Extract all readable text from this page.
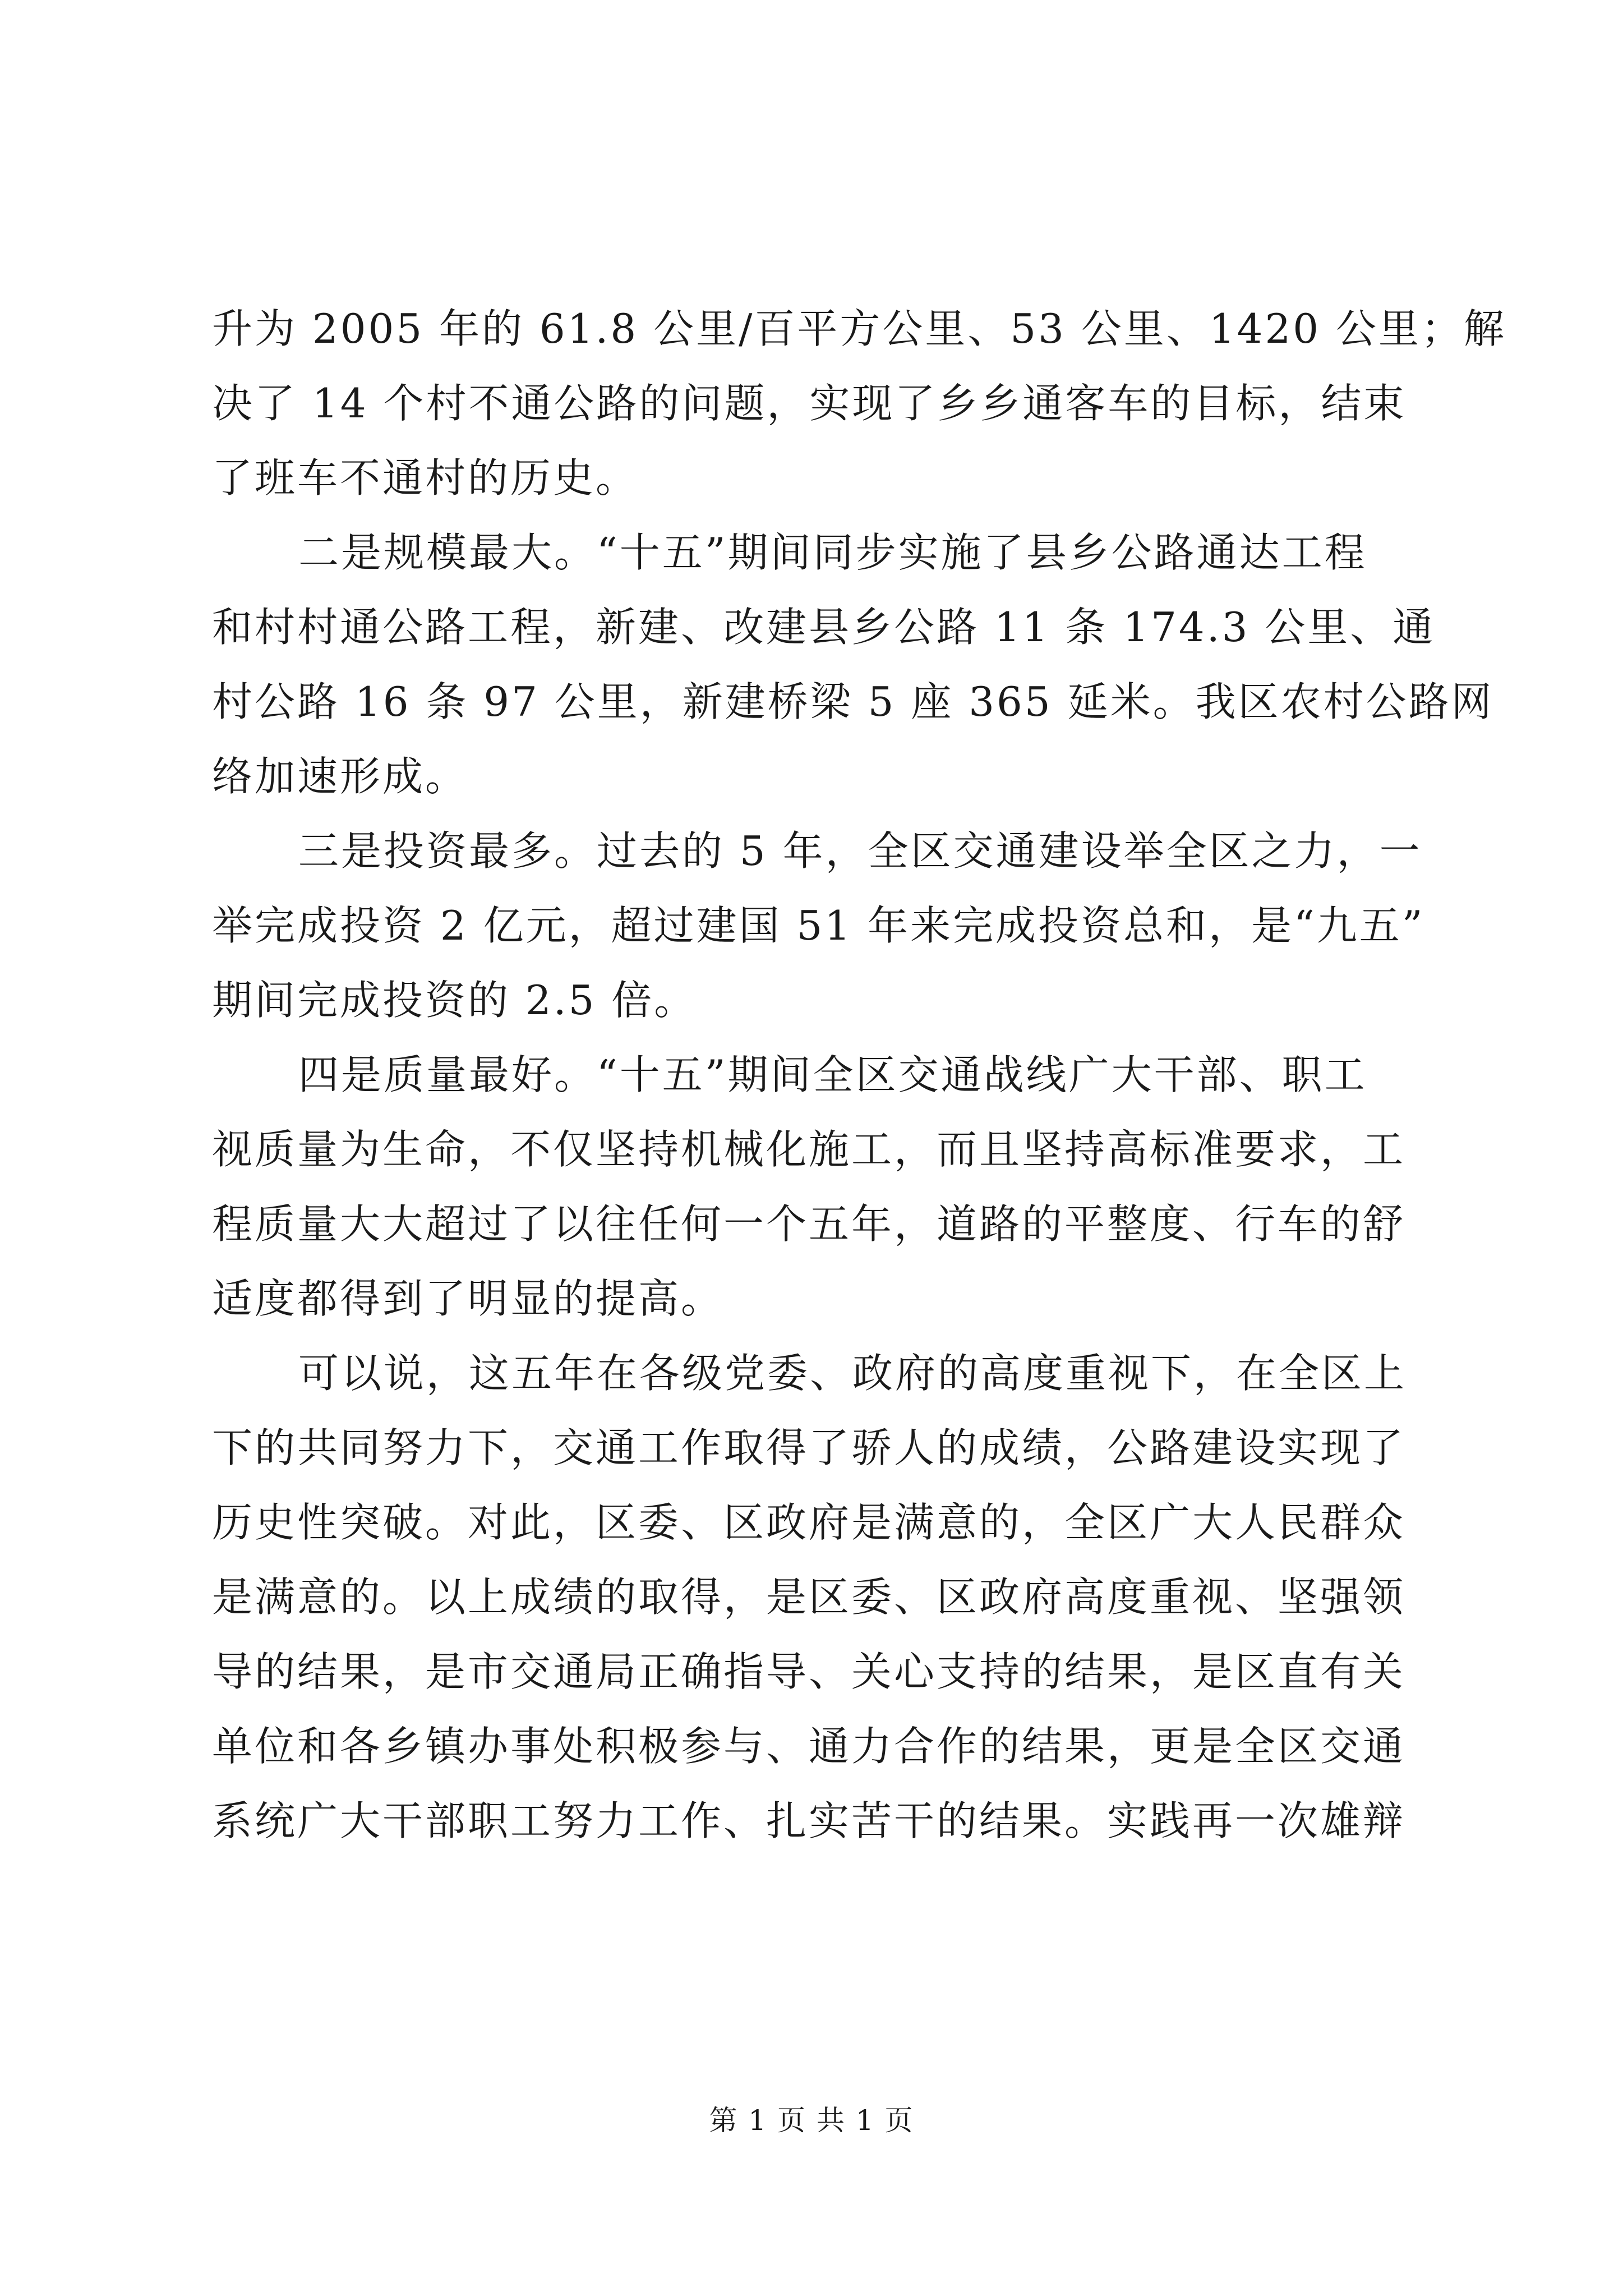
升为 2005 年的 61.8 公里/百平方公里、53 公里、1420 公里；解
决了 14 个村不通公路的问题，实现了乡乡通客车的目标，结束
了班车不通村的历史。
二是规模最大。“十五”期间同步实施了县乡公路通达工程
和村村通公路工程，新建、改建县乡公路 11 条 174.3 公里、通
村公路 16 条 97 公里，新建桥梁 5 座 365 延米。我区农村公路网
络加速形成。
三是投资最多。过去的 5 年，全区交通建设举全区之力，一
举完成投资 2 亿元，超过建国 51 年来完成投资总和，是“九五”
期间完成投资的 2.5 倍。
四是质量最好。“十五”期间全区交通战线广大干部、职工
视质量为生命，不仅坚持机械化施工，而且坚持高标准要求，工
程质量大大超过了以往任何一个五年，道路的平整度、行车的舒
适度都得到了明显的提高。
可以说，这五年在各级党委、政府的高度重视下，在全区上
下的共同努力下，交通工作取得了骄人的成绩，公路建设实现了
历史性突破。对此，区委、区政府是满意的，全区广大人民群众
是满意的。以上成绩的取得，是区委、区政府高度重视、坚强领
导的结果，是市交通局正确指导、关心支持的结果，是区直有关
单位和各乡镇办事处积极参与、通力合作的结果，更是全区交通
系统广大干部职工努力工作、扎实苦干的结果。实践再一次雄辩
第 1 页 共 1 页
